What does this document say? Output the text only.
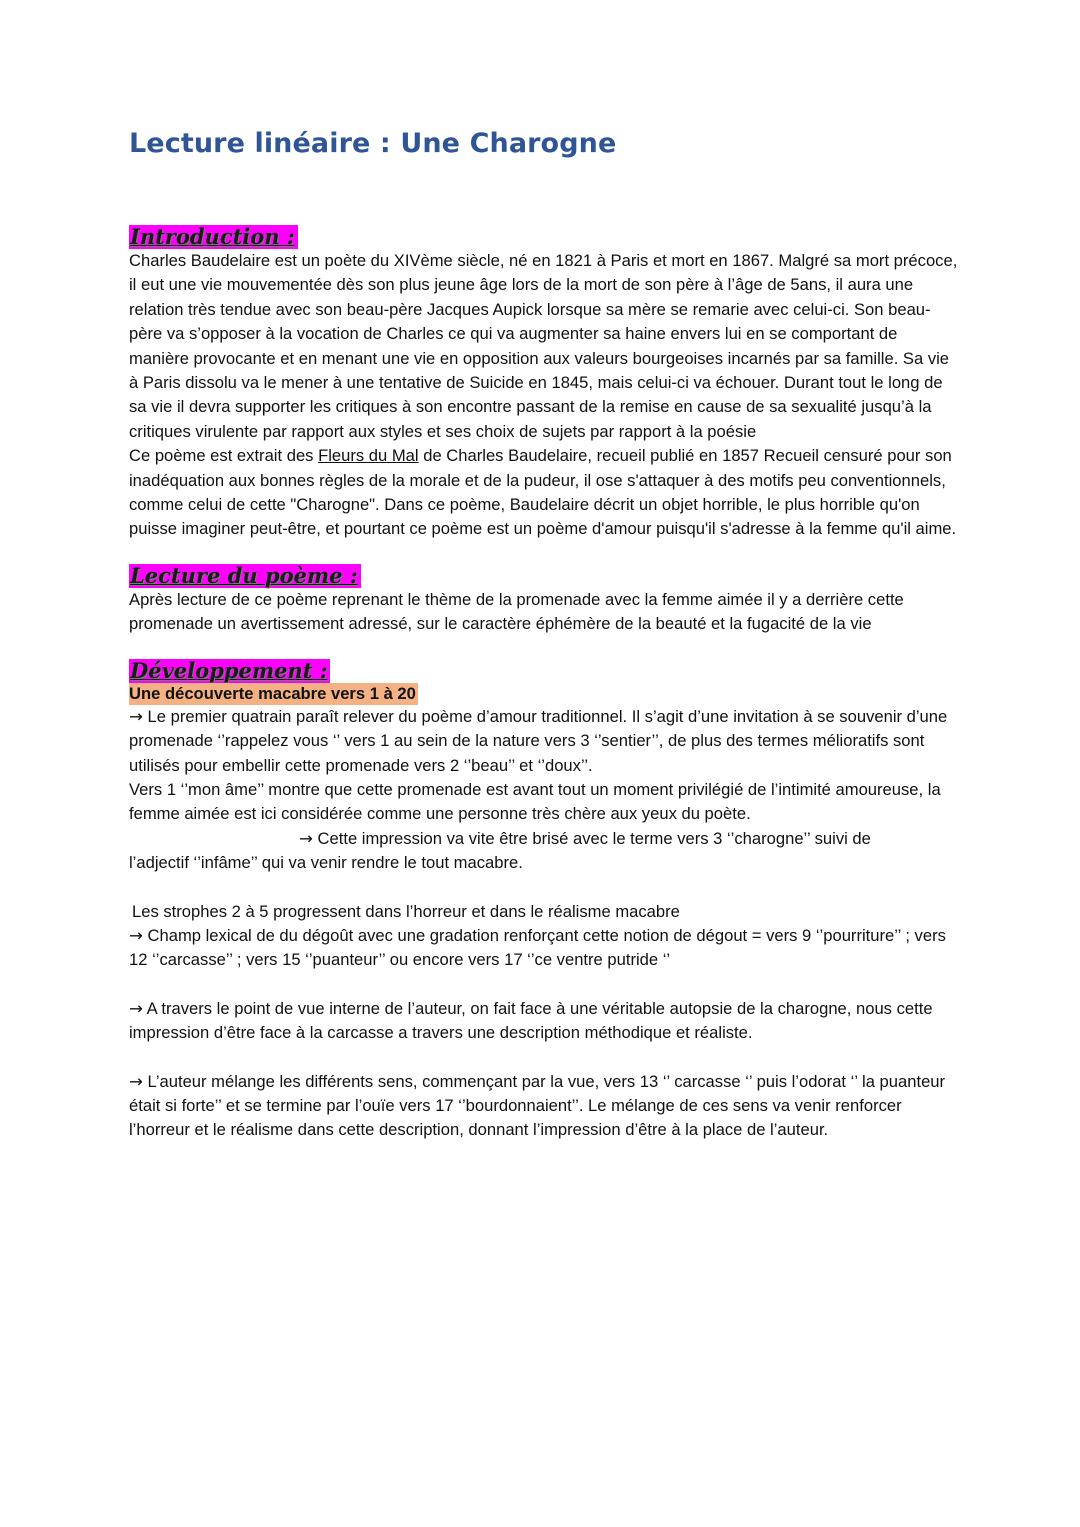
Lecture linéaire : Une Charogne
Introduction :

Charles Baudelaire est un poète du XIVème siècle, né en 1821 à Paris et mort en 1867. Malgré sa mort précoce, il eut une vie mouvementée dès son plus jeune âge lors de la mort de son père à l’âge de 5ans, il aura une relation très tendue avec son beau-père Jacques Aupick lorsque sa mère se remarie avec celui-ci. Son beau-père va s’opposer à la vocation de Charles ce qui va augmenter sa haine envers lui en se comportant de manière provocante et en menant une vie en opposition aux valeurs bourgeoises incarnés par sa famille. Sa vie à Paris dissolu va le mener à une tentative de Suicide en 1845, mais celui-ci va échouer. Durant tout le long de sa vie il devra supporter les critiques à son encontre passant de la remise en cause de sa sexualité jusqu’à la critiques virulente par rapport aux styles et ses choix de sujets par rapport à la poésie

Ce poème est extrait des Fleurs du Mal de Charles Baudelaire, recueil publié en 1857 Recueil censuré pour son inadéquation aux bonnes règles de la morale et de la pudeur, il ose s'attaquer à des motifs peu conventionnels, comme celui de cette "Charogne". Dans ce poème, Baudelaire décrit un objet horrible, le plus horrible qu'on puisse imaginer peut-être, et pourtant ce poème est un poème d'amour puisqu'il s'adresse à la femme qu'il aime.

Lecture du poème :

Après lecture de ce poème reprenant le thème de la promenade avec la femme aimée il y a derrière cette promenade un avertissement adressé, sur le caractère éphémère de la beauté et la fugacité de la vie

Développement :
Une découverte macabre vers 1 à 20

→ Le premier quatrain paraît relever du poème d’amour traditionnel. Il s’agit d’une invitation à se souvenir d’une promenade ‘’rappelez vous ‘’ vers 1 au sein de la nature vers 3 ‘’sentier’’, de plus des termes mélioratifs sont utilisés pour embellir cette promenade vers 2 ‘’beau’’ et ‘’doux’’.

Vers 1 ‘’mon âme’’ montre que cette promenade est avant tout un moment privilégié de l’intimité amoureuse, la femme aimée est ici considérée comme une personne très chère aux yeux du poète.

→ Cette impression va vite être brisé avec le terme vers 3 ‘’charogne’’ suivi de

l’adjectif ‘’infâme’’ qui va venir rendre le tout macabre.

Les strophes 2 à 5 progressent dans l’horreur et dans le réalisme macabre

→ Champ lexical de du dégoût avec une gradation renforçant cette notion de dégout = vers 9 ‘’pourriture’’ ; vers 12 ‘’carcasse’’ ; vers 15 ‘’puanteur’’ ou encore vers 17 ‘’ce ventre putride ‘’

→ A travers le point de vue interne de l’auteur, on fait face à une véritable autopsie de la charogne, nous cette impression d’être face à la carcasse a travers une description méthodique et réaliste.

→ L’auteur mélange les différents sens, commençant par la vue, vers 13 ‘’ carcasse ‘’ puis l’odorat ‘’ la puanteur était si forte’’ et se termine par l’ouïe vers 17 ‘’bourdonnaient’’. Le mélange de ces sens va venir renforcer l’horreur et le réalisme dans cette description, donnant l’impression d’être à la place de l’auteur.
